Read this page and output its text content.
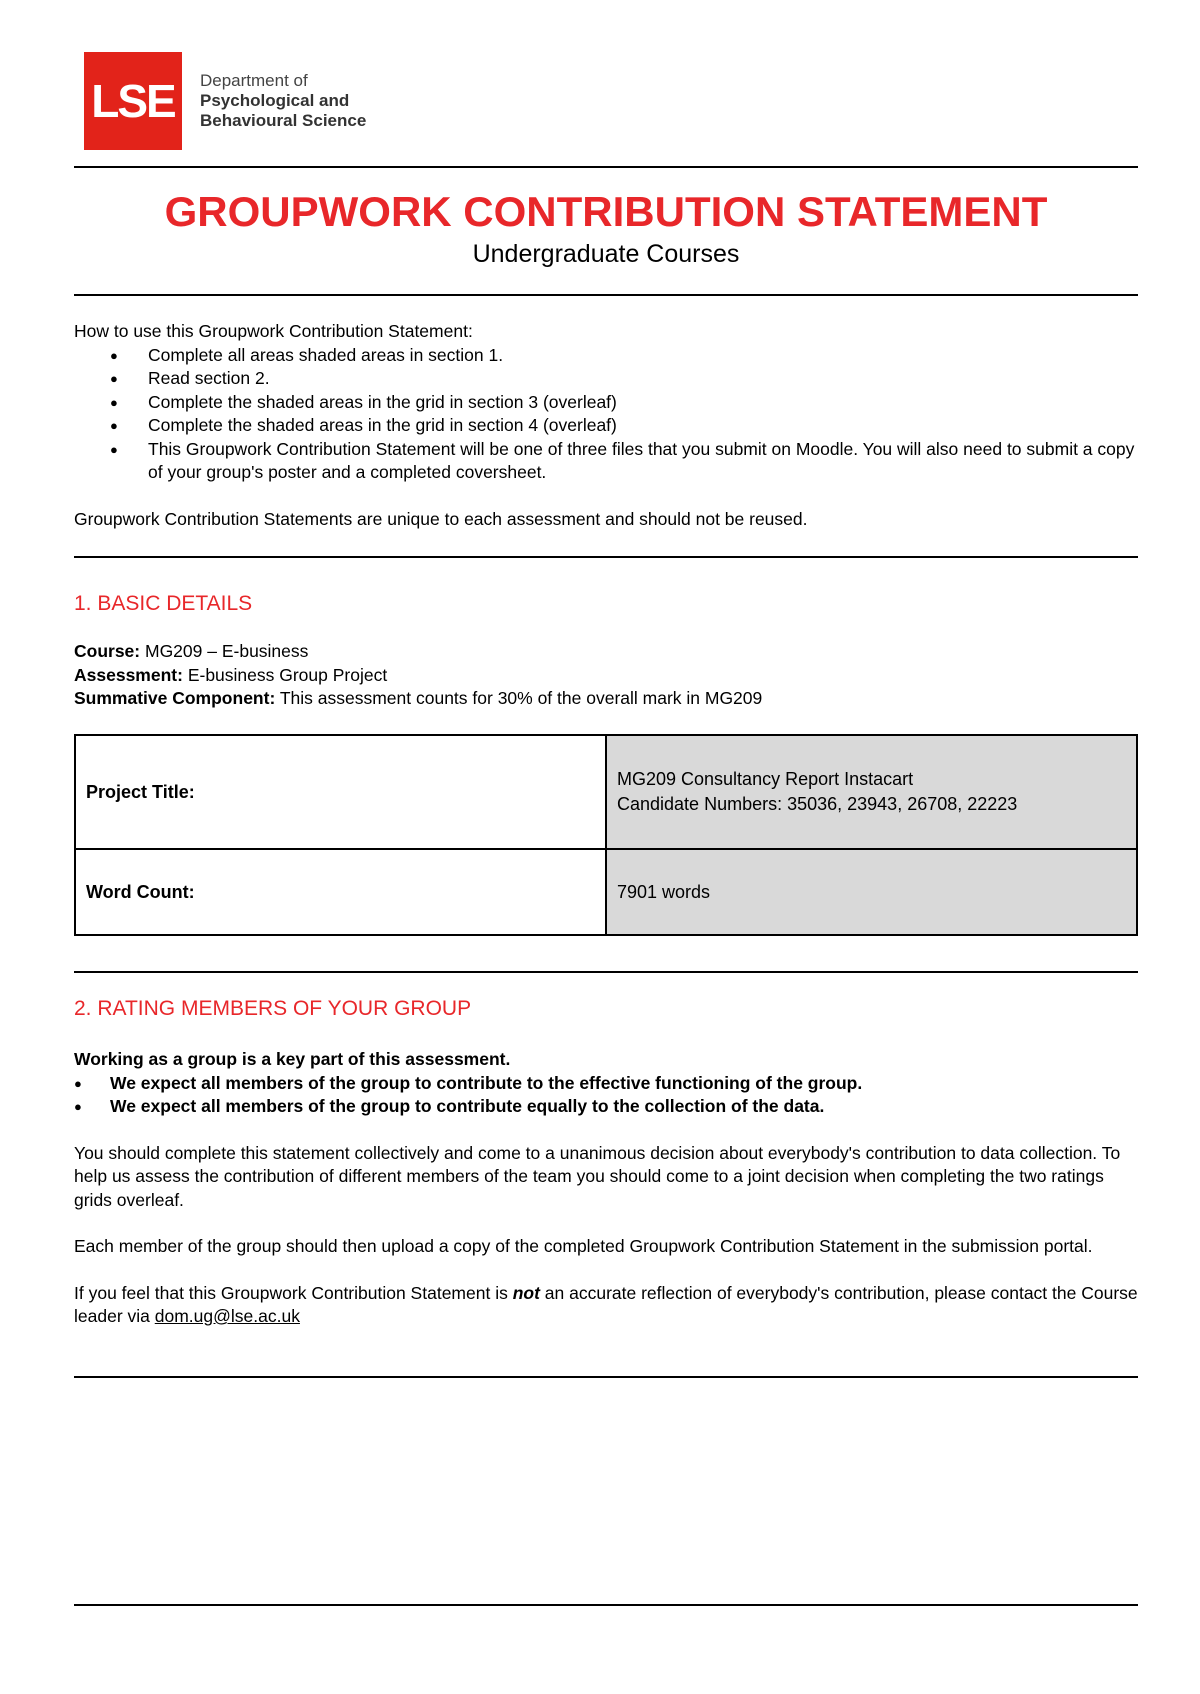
LSE	Department of
Psychological and
Behavioural Science
GROUPWORK CONTRIBUTION STATEMENT
Undergraduate Courses
How to use this Groupwork Contribution Statement:
● Complete all areas shaded areas in section 1.
● Read section 2.
● Complete the shaded areas in the grid in section 3 (overleaf)
● Complete the shaded areas in the grid in section 4 (overleaf)
● This Groupwork Contribution Statement will be one of three files that you submit on Moodle. You will also need to submit a copy of your group's poster and a completed coversheet.
Groupwork Contribution Statements are unique to each assessment and should not be reused.
1. BASIC DETAILS
Course: MG209 – E-business
Assessment: E-business Group Project
Summative Component: This assessment counts for 30% of the overall mark in MG209
Project Title:	MG209 Consultancy Report Instacart
Candidate Numbers: 35036, 23943, 26708, 22223

Word Count:	7901 words
2. RATING MEMBERS OF YOUR GROUP
Working as a group is a key part of this assessment.
● We expect all members of the group to contribute to the effective functioning of the group.
● We expect all members of the group to contribute equally to the collection of the data.

You should complete this statement collectively and come to a unanimous decision about everybody's contribution to data collection. To help us assess the contribution of different members of the team you should come to a joint decision when completing the two ratings grids overleaf.

Each member of the group should then upload a copy of the completed Groupwork Contribution Statement in the submission portal.

If you feel that this Groupwork Contribution Statement is not an accurate reflection of everybody's contribution, please contact the Course leader via dom.ug@lse.ac.uk
